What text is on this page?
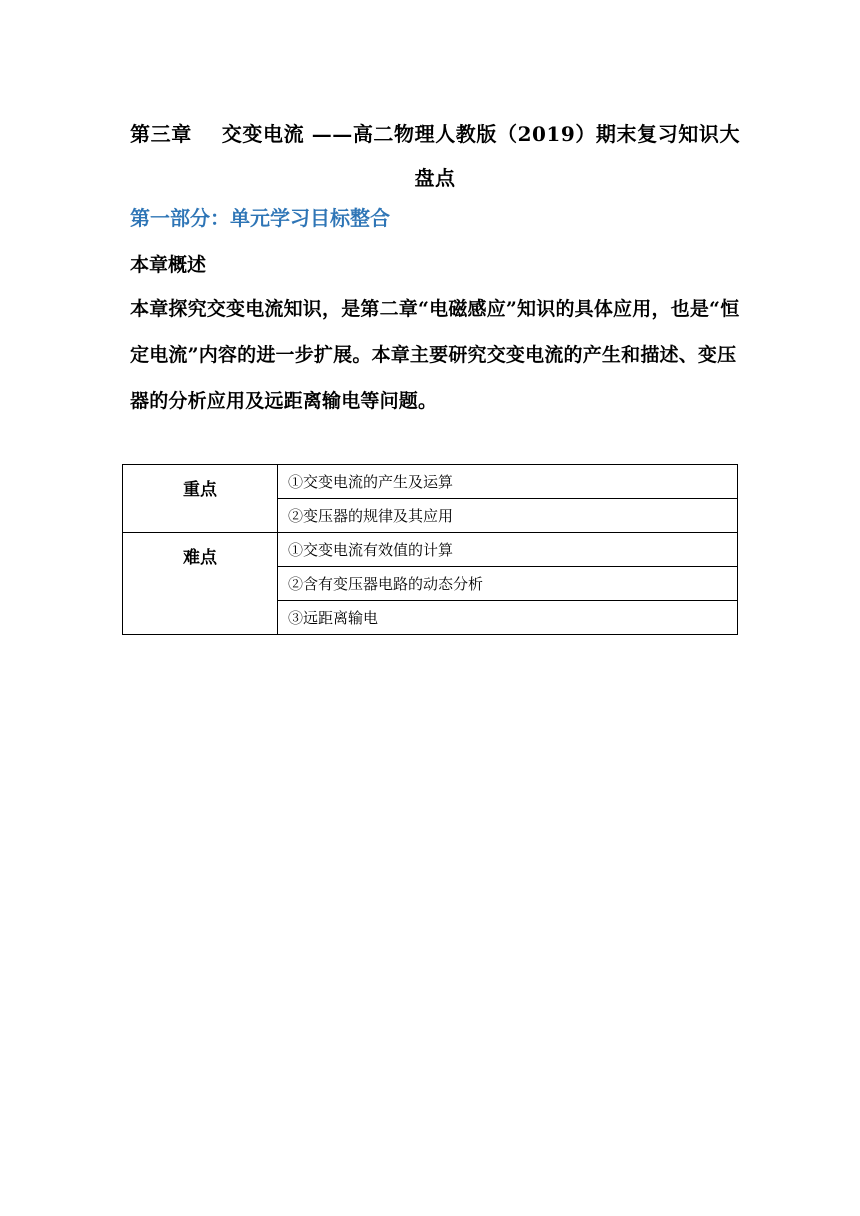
第三章 交变电流 ——高二物理人教版（2019）期末复习知识大盘点
第一部分：单元学习目标整合
本章概述
本章探究交变电流知识，是第二章“电磁感应”知识的具体应用，也是“恒定电流”内容的进一步扩展。本章主要研究交变电流的产生和描述、变压器的分析应用及远距离输电等问题。
重点	①交变电流的产生及运算
	②变压器的规律及其应用
难点	①交变电流有效值的计算
	②含有变压器电路的动态分析
	③远距离输电
